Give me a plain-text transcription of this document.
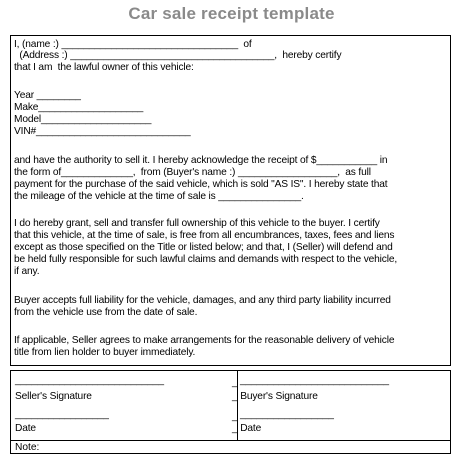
Car sale receipt template
I, (name :) ________________________________  of
(Address :) _____________________________________,  hereby certify
that I am  the lawful owner of this vehicle:
Year ________
Make___________________
Model____________________
VIN#____________________________
and have the authority to sell it. I hereby acknowledge the receipt of $___________ in
the form of_____________,  from (Buyer's name :) __________________,  as full
payment for the purchase of the said vehicle, which is sold "AS IS". I hereby state that
the mileage of the vehicle at the time of sale is _______________.
I do hereby grant, sell and transfer full ownership of this vehicle to the buyer. I certify
that this vehicle, at the time of sale, is free from all encumbrances, taxes, fees and liens
except as those specified on the Title or listed below; and that, I (Seller) will defend and
be held fully responsible for such lawful claims and demands with respect to the vehicle,
if any.
Buyer accepts full liability for the vehicle, damages, and any third party liability incurred
from the vehicle use from the date of sale.
If applicable, Seller agrees to make arrangements for the reasonable delivery of vehicle
title from lien holder to buyer immediately.
___________________________	_
Seller's Signature	_ Buyer's Signature
___________________________
_________________	_ _________________
Date	_ Date
Note:
